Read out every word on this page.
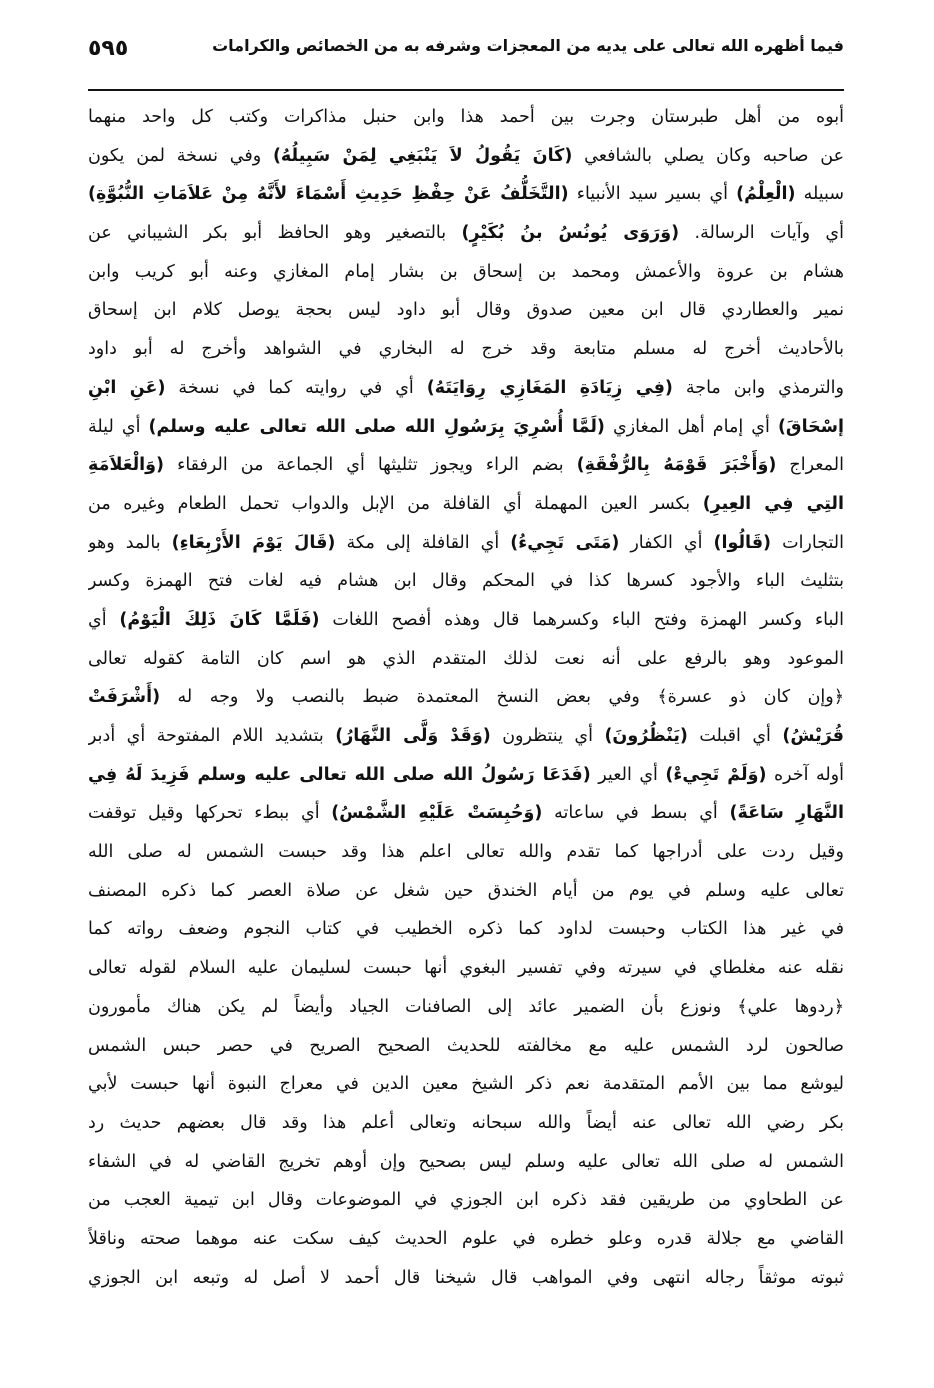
فيما أظهره الله تعالى على يديه من المعجزات وشرفه به من الخصائص والكرامات
٥٩٥
أبوه من أهل طبرستان وجرت بين أحمد هذا وابن حنبل مذاكرات وكتب كل واحد منهما
عن صاحبه وكان يصلي بالشافعي (كَانَ يَقُولُ لاَ يَنْبَغِي لِمَنْ سَبِيلُهُ) وفي نسخة لمن يكون
سبيله (الْعِلْمُ) أي بسير سيد الأنبياء (التَّخَلُّفُ عَنْ حِفْظِ حَدِيثِ أَسْمَاءَ لأَنَّهُ مِنْ عَلاَمَاتِ النُّبُوَّةِ)
أي وآيات الرسالة. (وَرَوَى يُونُسُ بنُ بُكَيْرٍ) بالتصغير وهو الحافظ أبو بكر الشيباني عن
هشام بن عروة والأعمش ومحمد بن إسحاق بن بشار إمام المغازي وعنه أبو كريب وابن
نمير والعطاردي قال ابن معين صدوق وقال أبو داود ليس بحجة يوصل كلام ابن إسحاق
بالأحاديث أخرج له مسلم متابعة وقد خرج له البخاري في الشواهد وأخرج له أبو داود
والترمذي وابن ماجة (فِي زِيَادَةِ المَغَازِي رِوَايَتَهُ) أي في روايته كما في نسخة (عَنِ ابْنِ
إسْحَاقَ) أي إمام أهل المغازي (لَمَّا أُسْرِيَ بِرَسُولِ الله صلى الله تعالى عليه وسلم) أي ليلة
المعراج (وَأَخْبَرَ قَوْمَهُ بِالرُّفْقَةِ) بضم الراء ويجوز تثليثها أي الجماعة من الرفقاء (وَالْعَلاَمَةِ
التِي فِي العِيرِ) بكسر العين المهملة أي القافلة من الإبل والدواب تحمل الطعام وغيره من
التجارات (قَالُوا) أي الكفار (مَتَى تَجِيءُ) أي القافلة إلى مكة (قَالَ يَوْمَ الأَرْبِعَاءِ) بالمد وهو
بتثليث الباء والأجود كسرها كذا في المحكم وقال ابن هشام فيه لغات فتح الهمزة وكسر
الباء وكسر الهمزة وفتح الباء وكسرهما قال وهذه أفصح اللغات (فَلَمَّا كَانَ ذَلِكَ الْيَوْمُ) أي
الموعود وهو بالرفع على أنه نعت لذلك المتقدم الذي هو اسم كان التامة كقوله تعالى
﴿وإن كان ذو عسرة﴾ وفي بعض النسخ المعتمدة ضبط بالنصب ولا وجه له (أَشْرَفَتْ
قُرَيْشُ) أي اقبلت (يَنْظُرُونَ) أي ينتظرون (وَقَدْ وَلَّى النَّهَارُ) بتشديد اللام المفتوحة أي أدبر
أوله آخره (وَلَمْ تَجِيءْ) أي العير (فَدَعَا رَسُولُ الله صلى الله تعالى عليه وسلم فَزِيدَ لَهُ فِي
النَّهَارِ سَاعَةً) أي بسط في ساعاته (وَحُبِسَتْ عَلَيْهِ الشَّمْسُ) أي ببطء تحركها وقيل توقفت
وقيل ردت على أدراجها كما تقدم والله تعالى اعلم هذا وقد حبست الشمس له صلى الله
تعالى عليه وسلم في يوم من أيام الخندق حين شغل عن صلاة العصر كما ذكره المصنف
في غير هذا الكتاب وحبست لداود كما ذكره الخطيب في كتاب النجوم وضعف رواته كما
نقله عنه مغلطاي في سيرته وفي تفسير البغوي أنها حبست لسليمان عليه السلام لقوله تعالى
﴿ردوها علي﴾ ونوزع بأن الضمير عائد إلى الصافنات الجياد وأيضاً لم يكن هناك مأمورون
صالحون لرد الشمس عليه مع مخالفته للحديث الصحيح الصريح في حصر حبس الشمس
ليوشع مما بين الأمم المتقدمة نعم ذكر الشيخ معين الدين في معراج النبوة أنها حبست لأبي
بكر رضي الله تعالى عنه أيضاً والله سبحانه وتعالى أعلم هذا وقد قال بعضهم حديث رد
الشمس له صلى الله تعالى عليه وسلم ليس بصحيح وإن أوهم تخريج القاضي له في الشفاء
عن الطحاوي من طريقين فقد ذكره ابن الجوزي في الموضوعات وقال ابن تيمية العجب من
القاضي مع جلالة قدره وعلو خطره في علوم الحديث كيف سكت عنه موهما صحته وناقلاً
ثبوته موثقاً رجاله انتهى وفي المواهب قال شيخنا قال أحمد لا أصل له وتبعه ابن الجوزي
